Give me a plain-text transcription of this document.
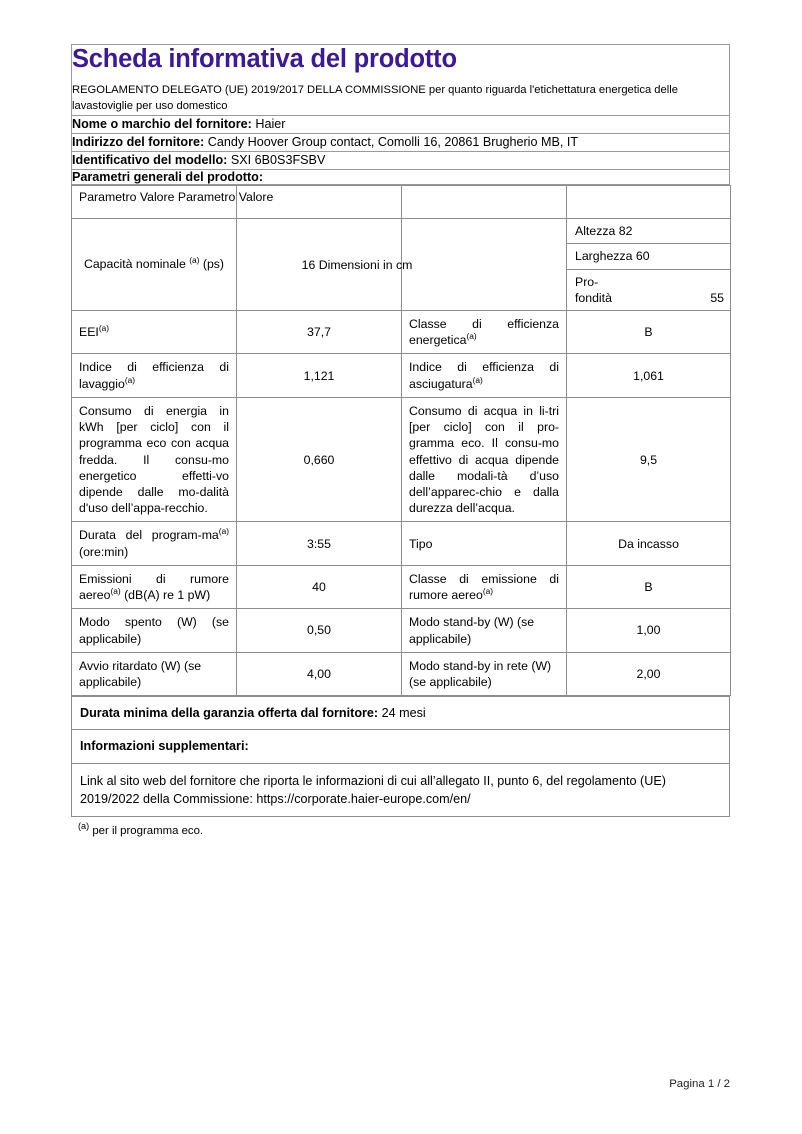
Scheda informativa del prodotto
REGOLAMENTO DELEGATO (UE) 2019/2017 DELLA COMMISSIONE per quanto riguarda l'etichettatura energetica delle lavastoviglie per uso domestico

Nome o marchio del fornitore: Haier
Indirizzo del fornitore: Candy Hoover Group contact, Comolli 16, 20861 Brugherio MB, IT
Identificativo del modello: SXI 6B0S3FSBV
Parametri generali del prodotto:
Parametro Valore Parametro Valore

Capacità nominale $^{(a)}$ (ps)	16 Dimensioni in cm

Altezza 82
Larghezza 60
Pro-
fondità	55

EEI$^{(a)}$	37,7	Classe di efficienza energetica$^{(a)}$	B
Indice di efficienza di lavaggio$^{(a)}$	1,121	Indice di efficienza di asciugatura$^{(a)}$	1,061
Consumo di energia in kWh [per ciclo] con il programma eco con acqua fredda. Il consu-mo energetico effetti-vo dipende dalle mo-dalità d'uso dell’appa-recchio.	0,660	Consumo di acqua in li-tri [per ciclo] con il pro-gramma eco. Il consu-mo effettivo di acqua dipende dalle modali-tà d’uso dell’apparec-chio e dalla durezza dell’acqua.	9,5
Durata del program-$ma^{(a)}$ (ore:min)	3:55	Tipo	Da incasso
Emissioni di rumore aereo$^{(a)}$ (dB(A) re 1 pW)	40	Classe di emissione di rumore aereo$^{(a)}$	B
Modo spento (W) (se applicabile)	0,50	Modo stand-by (W) (se applicabile)	1,00
Avvio ritardato (W) (se applicabile)	4,00	Modo stand-by in rete (W) (se applicabile)	2,00
Durata minima della garanzia offerta dal fornitore: 24 mesi
Informazioni supplementari:
Link al sito web del fornitore che riporta le informazioni di cui all’allegato II, punto 6, del regolamento (UE) 2019/2022 della Commissione: https://corporate.haier-europe.com/en/
$^{(a)}$ per il programma eco.
Pagina 1 / 2
